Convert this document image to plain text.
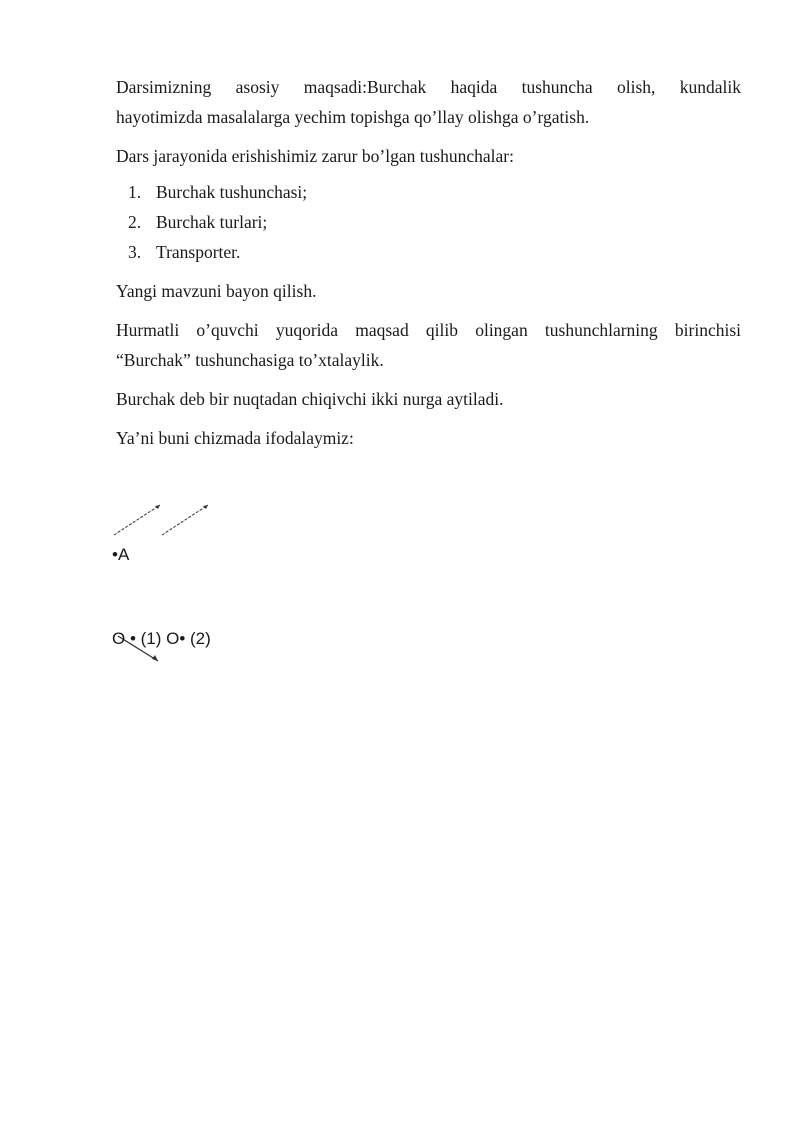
Darsimizning asosiy maqsadi:Burchak haqida tushuncha olish, kundalik

hayotimizda masalalarga yechim topishga qo’llay olishga o’rgatish.

Dars jarayonida erishishimiz zarur bo’lgan tushunchalar:

1. Burchak tushunchasi;
2. Burchak turlari;
3. Transporter.

Yangi mavzuni bayon qilish.

Hurmatli o’quvchi yuqorida maqsad qilib olingan tushunchlarning birinchisi

“Burchak” tushunchasiga to’xtalaylik.

Burchak deb bir nuqtadan chiqivchi ikki nurga aytiladi.

Ya’ni buni chizmada ifodalaymiz:

•A
O • (1) O• (2)
